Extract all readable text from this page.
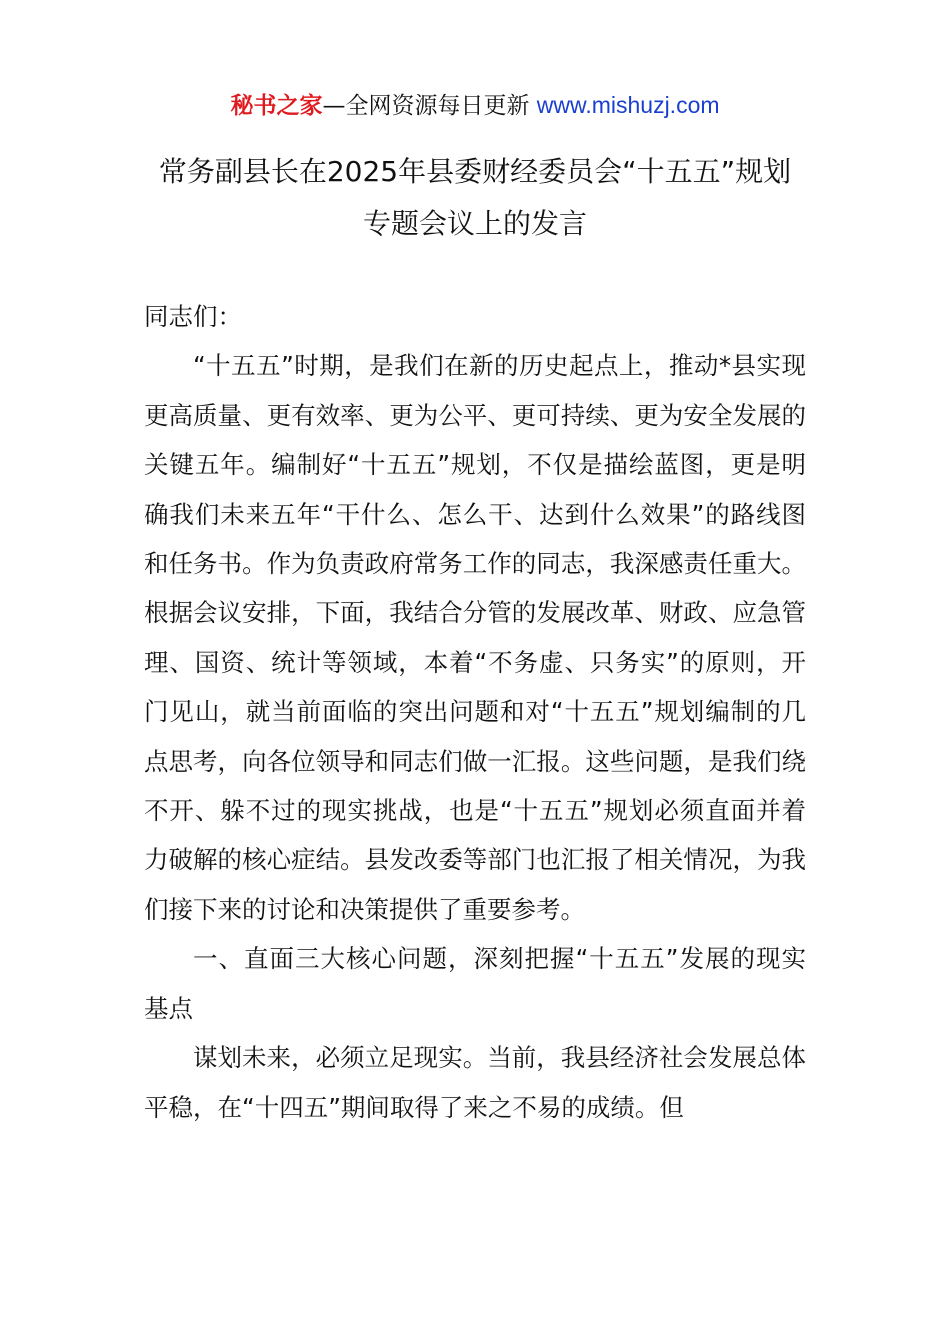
秘书之家—全网资源每日更新 www.mishuzj.com
常务副县长在2025年县委财经委员会“十五五”规划专题会议上的发言

同志们：

“十五五”时期，是我们在新的历史起点上，推动*县实现更高质量、更有效率、更为公平、更可持续、更为安全发展的关键五年。编制好“十五五”规划，不仅是描绘蓝图，更是明确我们未来五年“干什么、怎么干、达到什么效果”的路线图和任务书。作为负责政府常务工作的同志，我深感责任重大。根据会议安排，下面，我结合分管的发展改革、财政、应急管理、国资、统计等领域，本着“不务虚、只务实”的原则，开门见山，就当前面临的突出问题和对“十五五”规划编制的几点思考，向各位领导和同志们做一汇报。这些问题，是我们绕不开、躲不过的现实挑战，也是“十五五”规划必须直面并着力破解的核心症结。县发改委等部门也汇报了相关情况，为我们接下来的讨论和决策提供了重要参考。

一、直面三大核心问题，深刻把握“十五五”发展的现实基点

谋划未来，必须立足现实。当前，我县经济社会发展总体平稳，在“十四五”期间取得了来之不易的成绩。但
